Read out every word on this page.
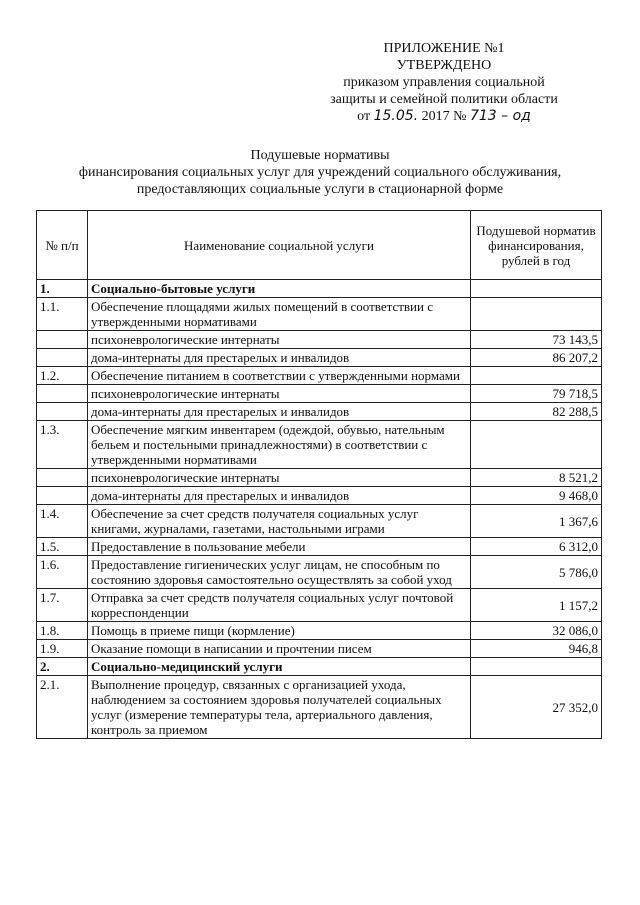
ПРИЛОЖЕНИЕ №1
УТВЕРЖДЕНО
приказом управления социальной
защиты и семейной политики области
от 15.05. 2017 № 713 – од
Подушевые нормативы
финансирования социальных услуг для учреждений социального обслуживания,
предоставляющих социальные услуги в стационарной форме
№ п/п	Наименование социальной услуги	Подушевой норматив финансирования, рублей в год
1.	Социально-бытовые услуги	
1.1.	Обеспечение площадями жилых помещений в соответствии с утвержденными нормативами	
	психоневрологические интернаты	73 143,5
	дома-интернаты для престарелых и инвалидов	86 207,2
1.2.	Обеспечение питанием в соответствии с утвержденными нормами	
	психоневрологические интернаты	79 718,5
	дома-интернаты для престарелых и инвалидов	82 288,5
1.3.	Обеспечение мягким инвентарем (одеждой, обувью, нательным бельем и постельными принадлежностями) в соответствии с утвержденными нормативами	
	психоневрологические интернаты	8 521,2
	дома-интернаты для престарелых и инвалидов	9 468,0
1.4.	Обеспечение за счет средств получателя социальных услуг книгами, журналами, газетами, настольными играми	1 367,6
1.5.	Предоставление в пользование мебели	6 312,0
1.6.	Предоставление гигиенических услуг лицам, не способным по состоянию здоровья самостоятельно осуществлять за собой уход	5 786,0
1.7.	Отправка за счет средств получателя социальных услуг почтовой корреспонденции	1 157,2
1.8.	Помощь в приеме пищи (кормление)	32 086,0
1.9.	Оказание помощи в написании и прочтении писем	946,8
2.	Социально-медицинский услуги	
2.1.	Выполнение процедур, связанных с организацией ухода, наблюдением за состоянием здоровья получателей социальных услуг (измерение температуры тела, артериального давления, контроль за приемом	27 352,0
